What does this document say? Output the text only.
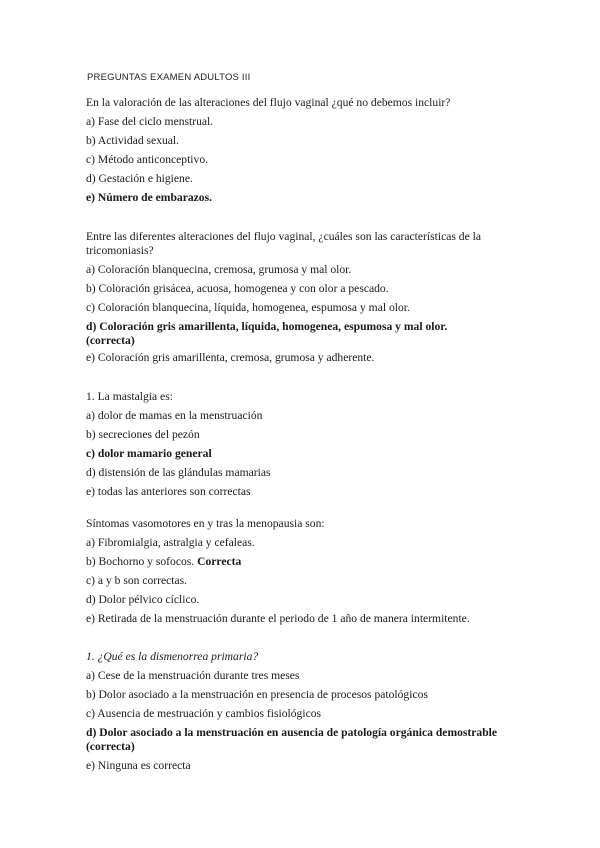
PREGUNTAS EXAMEN ADULTOS III
En la valoración de las alteraciones del flujo vaginal ¿qué no debemos incluir?
a) Fase del ciclo menstrual.
b) Actividad sexual.
c) Método anticonceptivo.
d) Gestación e higiene.
e) Número de embarazos.
Entre las diferentes alteraciones del flujo vaginal, ¿cuáles son las características de la
tricomoniasis?
a) Coloración blanquecina, cremosa, grumosa y mal olor.
b) Coloración grisácea, acuosa, homogenea y con olor a pescado.
c) Coloración blanquecina, líquida, homogenea, espumosa y mal olor.
d) Coloración gris amarillenta, líquida, homogenea, espumosa y mal olor.
(correcta)
e) Coloración gris amarillenta, cremosa, grumosa y adherente.
1. La mastalgia es:
a) dolor de mamas en la menstruación
b) secreciones del pezón
c) dolor mamario general
d) distensión de las glándulas mamarias
e) todas las anteriores son correctas
Síntomas vasomotores en y tras la menopausia son:
a) Fibromialgia, astralgia y cefaleas.
b) Bochorno y sofocos. Correcta
c) a y b son correctas.
d) Dolor pélvico cíclico.
e) Retirada de la menstruación durante el periodo de 1 año de manera intermitente.
1. ¿Qué es la dismenorrea primaria?
a) Cese de la menstruación durante tres meses
b) Dolor asociado a la menstruación en presencia de procesos patológicos
c) Ausencia de mestruación y cambios fisiológicos
d) Dolor asociado a la menstruación en ausencia de patología orgánica demostrable
(correcta)
e) Ninguna es correcta
